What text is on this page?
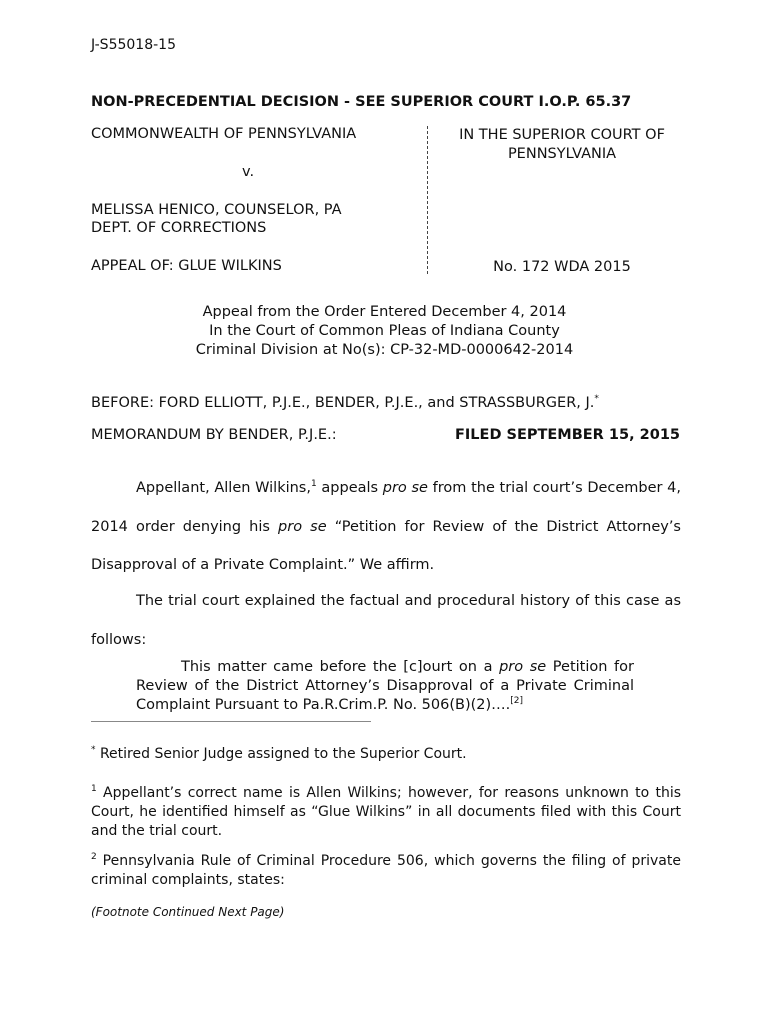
J-S55018-15
NON-PRECEDENTIAL DECISION - SEE SUPERIOR COURT I.O.P. 65.37
COMMONWEALTH OF PENNSYLVANIA
v.
MELISSA HENICO, COUNSELOR, PA
DEPT. OF CORRECTIONS
APPEAL OF: GLUE WILKINS
IN THE SUPERIOR COURT OF
PENNSYLVANIA
No. 172 WDA 2015
Appeal from the Order Entered December 4, 2014
In the Court of Common Pleas of Indiana County
Criminal Division at No(s): CP-32-MD-0000642-2014
BEFORE: FORD ELLIOTT, P.J.E., BENDER, P.J.E., and STRASSBURGER, J.*
MEMORANDUM BY BENDER, P.J.E.:	FILED SEPTEMBER 15, 2015
Appellant, Allen Wilkins,$^1$ appeals pro se from the trial court’s December 4, 2014 order denying his pro se “Petition for Review of the District Attorney’s Disapproval of a Private Complaint.” We affirm.
The trial court explained the factual and procedural history of this case as follows:
This matter came before the [c]ourt on a pro se Petition for Review of the District Attorney’s Disapproval of a Private Criminal Complaint Pursuant to Pa.R.Crim.P. No. 506(B)(2)….[2]
* Retired Senior Judge assigned to the Superior Court.
$^1$ Appellant’s correct name is Allen Wilkins; however, for reasons unknown to this Court, he identified himself as “Glue Wilkins” in all documents filed with this Court and the trial court.
$^2$ Pennsylvania Rule of Criminal Procedure 506, which governs the filing of private criminal complaints, states:
(Footnote Continued Next Page)
